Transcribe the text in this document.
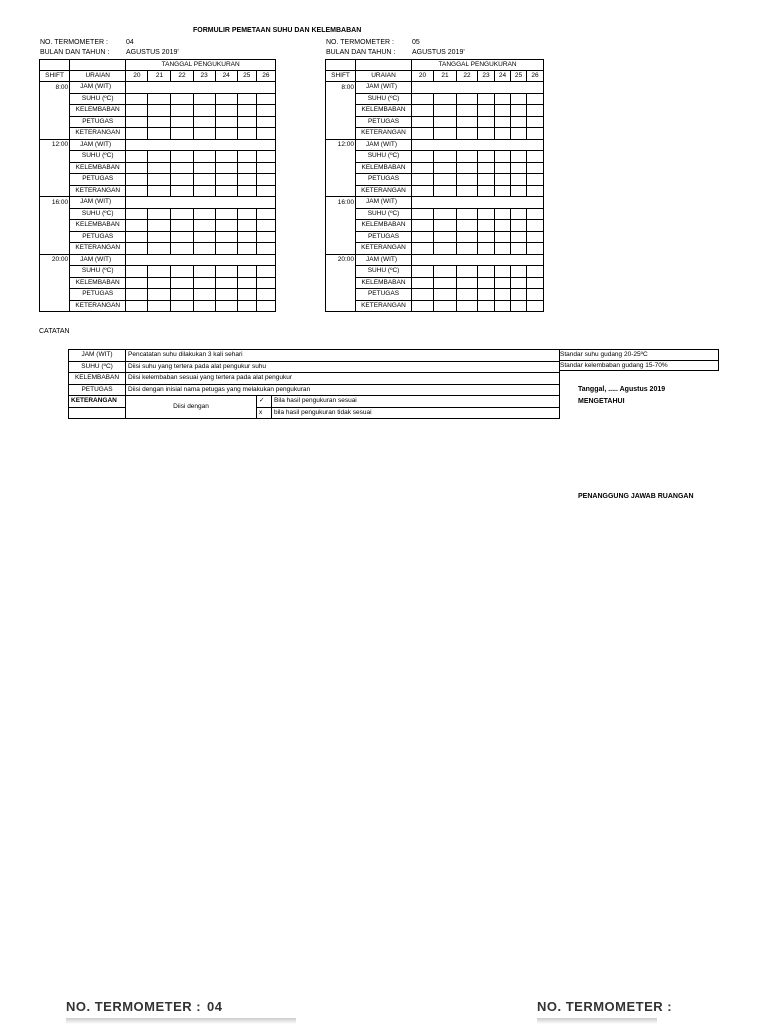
FORMULIR PEMETAAN SUHU DAN KELEMBABAN
NO. TERMOMETER :	04
BULAN DAN TAHUN : AGUSTUS 2019'
NO. TERMOMETER :	05
BULAN DAN TAHUN : AGUSTUS 2019'
		TANGGAL PENGUKURAN						
SHIFT	URAIAN	20	21	22	23	24	25	26
8:00	JAM (WIT)							
	SUHU (ºC)							
	KELEMBABAN							
	PETUGAS							
	KETERANGAN							
12:00	JAM (WIT)							
	SUHU (ºC)							
	KELEMBABAN							
	PETUGAS							
	KETERANGAN							
16:00	JAM (WIT)							
	SUHU (ºC)							
	KELEMBABAN							
	PETUGAS							
	KETERANGAN							
20:00	JAM (WIT)							
	SUHU (ºC)							
	KELEMBABAN							
	PETUGAS							
	KETERANGAN							
		TANGGAL PENGUKURAN						
SHIFT	URAIAN	20	21	22	23	24	25	26
8:00	JAM (WIT)							
	SUHU (ºC)							
	KELEMBABAN							
	PETUGAS							
	KETERANGAN							
12:00	JAM (WIT)							
	SUHU (ºC)							
	KELEMBABAN							
	PETUGAS							
	KETERANGAN							
16:00	JAM (WIT)							
	SUHU (ºC)							
	KELEMBABAN							
	PETUGAS							
	KETERANGAN							
20:00	JAM (WIT)							
	SUHU (ºC)							
	KELEMBABAN							
	PETUGAS							
	KETERANGAN							
CATATAN
JAM (WIT)	Pencatatan suhu dilakukan 3 kali sehari		
SUHU (ºC)	Diisi suhu yang tertera pada alat pengukur suhu		
KELEMBABAN	Diisi kelembaban sesuai yang tertera pada alat pengukur		
PETUGAS	Diisi dengan inisial nama petugas yang melakukan pengukuran		
KETERANGAN	Diisi dengan	✓	Bila hasil pengukuran sesuai
		x	bila hasil pengukuran tidak sesuai
Standar suhu gudang 20-25ºC
Standar kelembaban gudang 15-70%
Tanggal, ..... Agustus 2019
MENGETAHUI
PENANGGUNG JAWAB RUANGAN
NO. TERMOMETER : 04	NO. TERMOMETER :
